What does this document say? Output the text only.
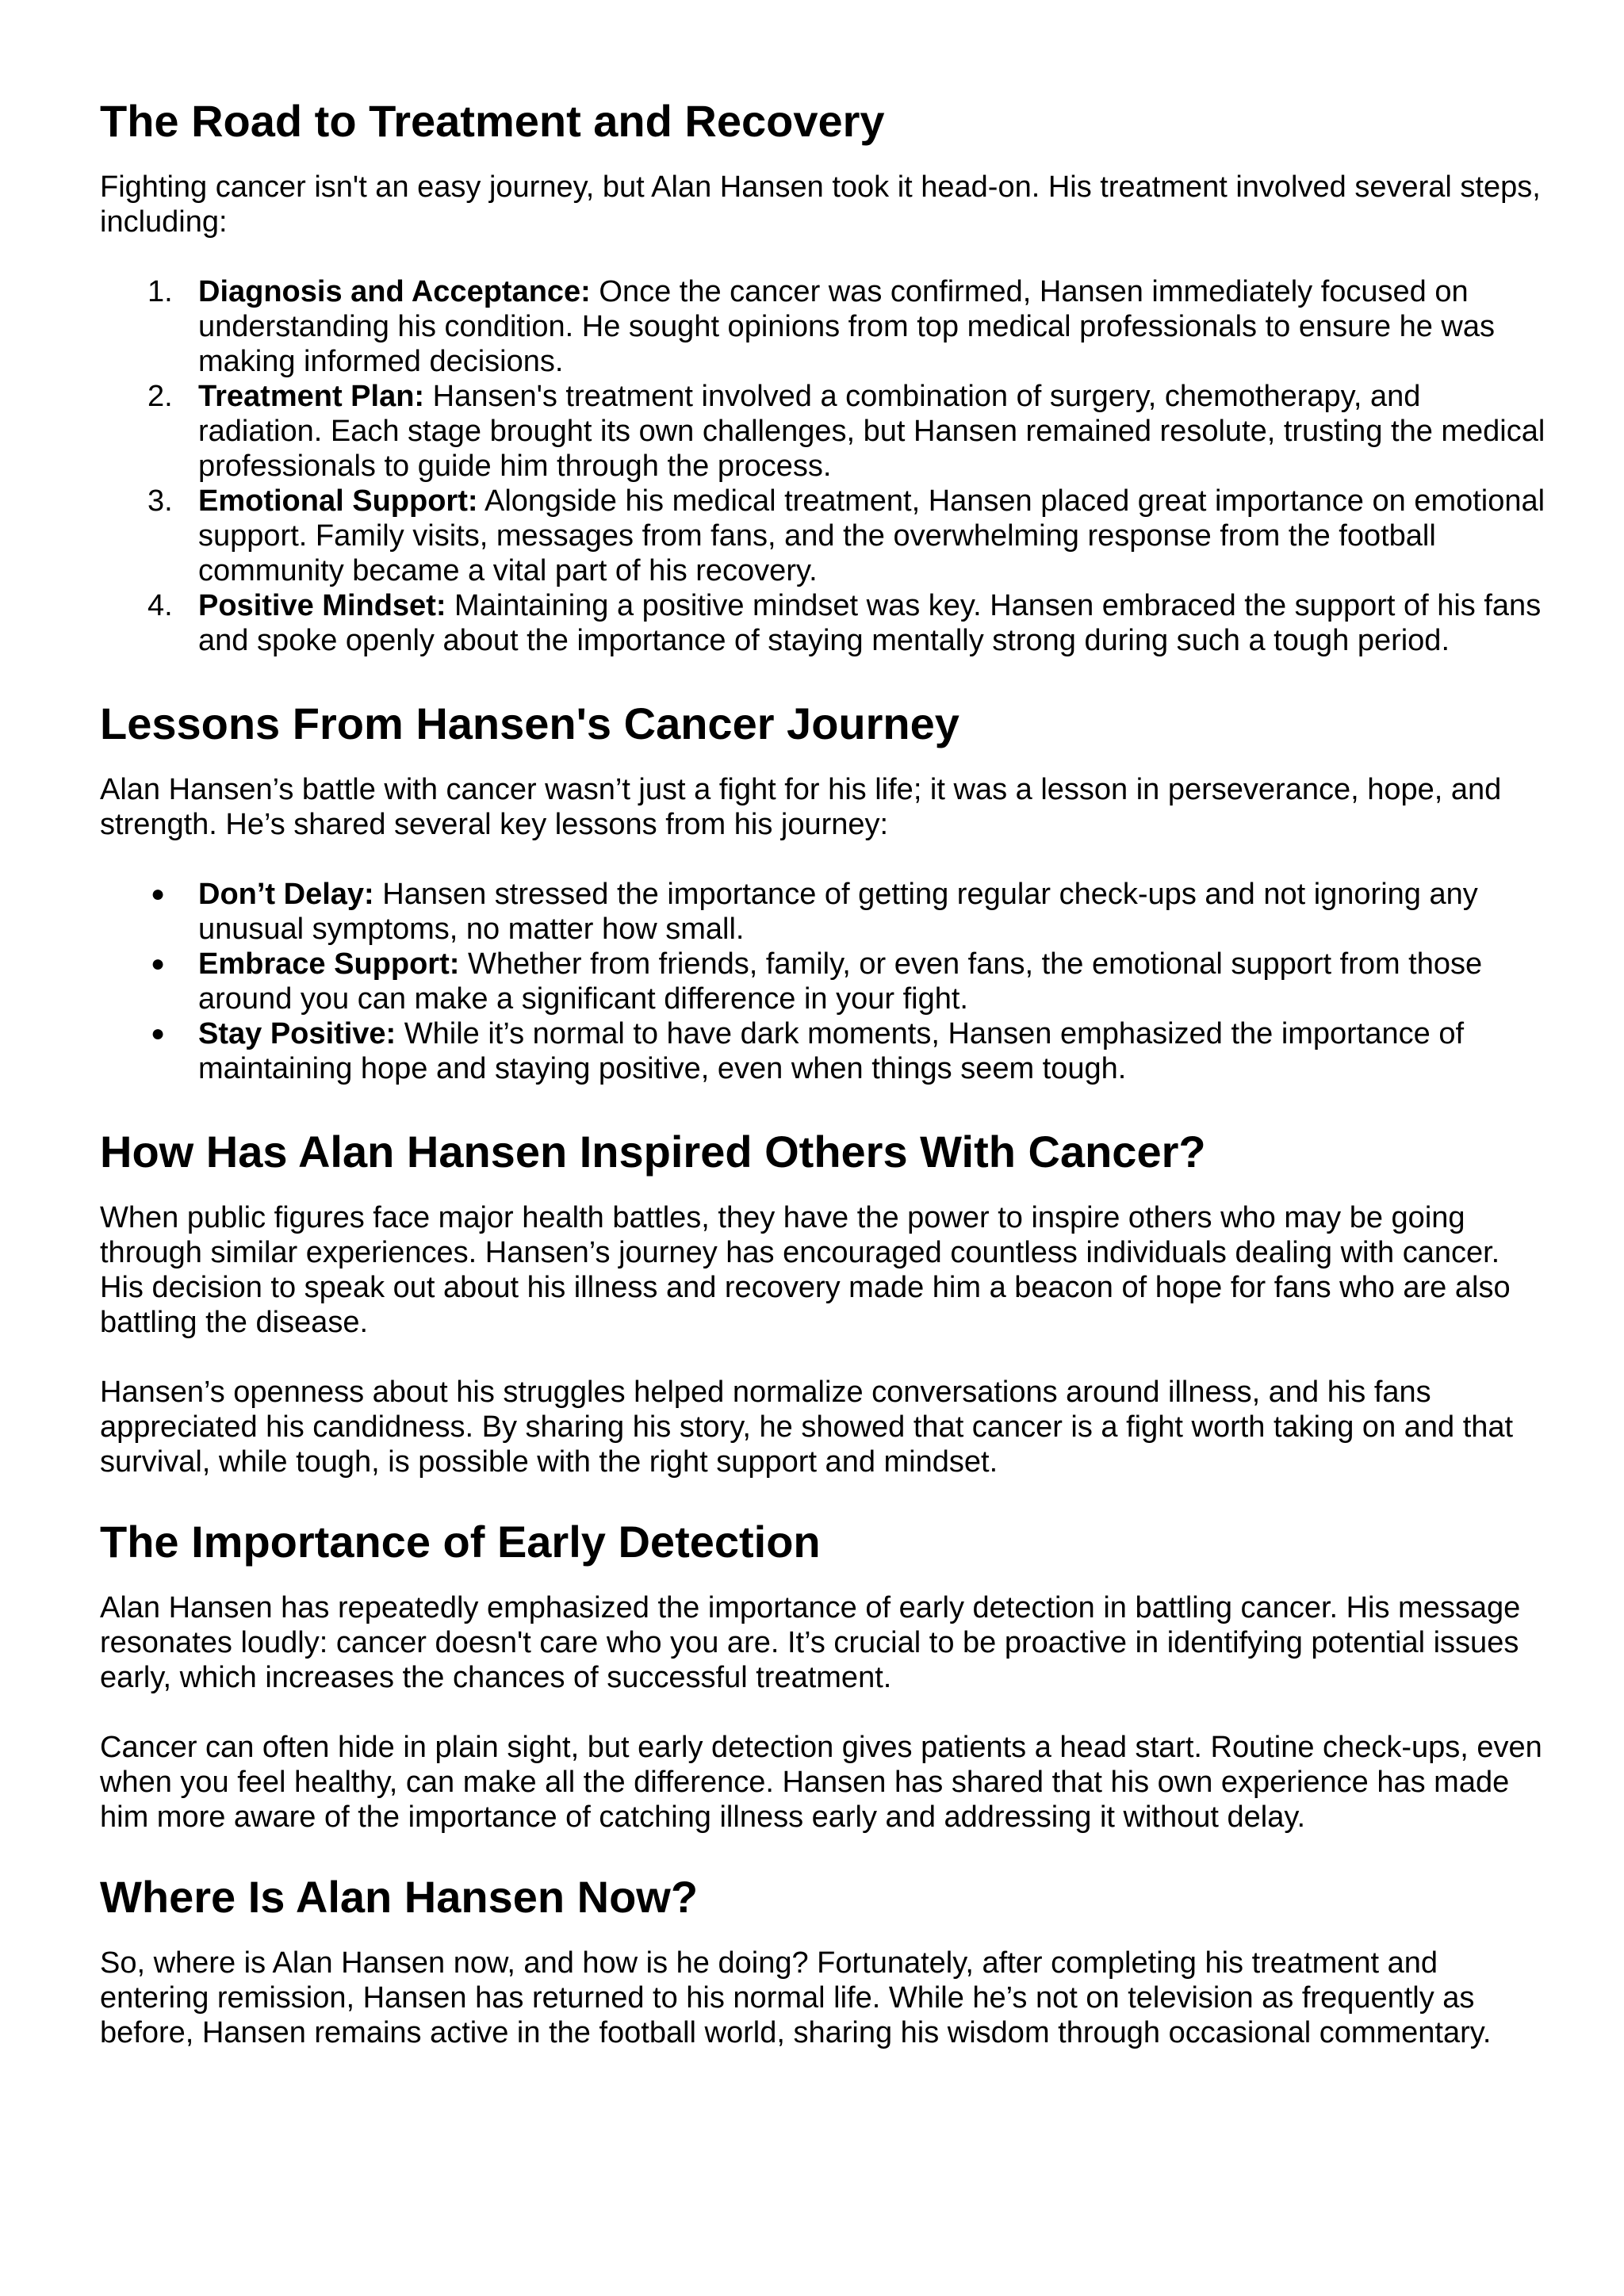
The Road to Treatment and Recovery

Fighting cancer isn't an easy journey, but Alan Hansen took it head-on. His treatment involved several steps, including:

1. Diagnosis and Acceptance: Once the cancer was confirmed, Hansen immediately focused on understanding his condition. He sought opinions from top medical professionals to ensure he was making informed decisions.
2. Treatment Plan: Hansen's treatment involved a combination of surgery, chemotherapy, and radiation. Each stage brought its own challenges, but Hansen remained resolute, trusting the medical professionals to guide him through the process.
3. Emotional Support: Alongside his medical treatment, Hansen placed great importance on emotional support. Family visits, messages from fans, and the overwhelming response from the football community became a vital part of his recovery.
4. Positive Mindset: Maintaining a positive mindset was key. Hansen embraced the support of his fans and spoke openly about the importance of staying mentally strong during such a tough period.
Lessons From Hansen's Cancer Journey

Alan Hansen’s battle with cancer wasn’t just a fight for his life; it was a lesson in perseverance, hope, and strength. He’s shared several key lessons from his journey:

● Don’t Delay: Hansen stressed the importance of getting regular check-ups and not ignoring any unusual symptoms, no matter how small.
● Embrace Support: Whether from friends, family, or even fans, the emotional support from those around you can make a significant difference in your fight.
● Stay Positive: While it’s normal to have dark moments, Hansen emphasized the importance of maintaining hope and staying positive, even when things seem tough.
How Has Alan Hansen Inspired Others With Cancer?

When public figures face major health battles, they have the power to inspire others who may be going through similar experiences. Hansen’s journey has encouraged countless individuals dealing with cancer. His decision to speak out about his illness and recovery made him a beacon of hope for fans who are also battling the disease.

Hansen’s openness about his struggles helped normalize conversations around illness, and his fans appreciated his candidness. By sharing his story, he showed that cancer is a fight worth taking on and that survival, while tough, is possible with the right support and mindset.

The Importance of Early Detection

Alan Hansen has repeatedly emphasized the importance of early detection in battling cancer. His message resonates loudly: cancer doesn't care who you are. It’s crucial to be proactive in identifying potential issues early, which increases the chances of successful treatment.

Cancer can often hide in plain sight, but early detection gives patients a head start. Routine check-ups, even when you feel healthy, can make all the difference. Hansen has shared that his own experience has made him more aware of the importance of catching illness early and addressing it without delay.

Where Is Alan Hansen Now?

So, where is Alan Hansen now, and how is he doing? Fortunately, after completing his treatment and entering remission, Hansen has returned to his normal life. While he’s not on television as frequently as before, Hansen remains active in the football world, sharing his wisdom through occasional commentary.
